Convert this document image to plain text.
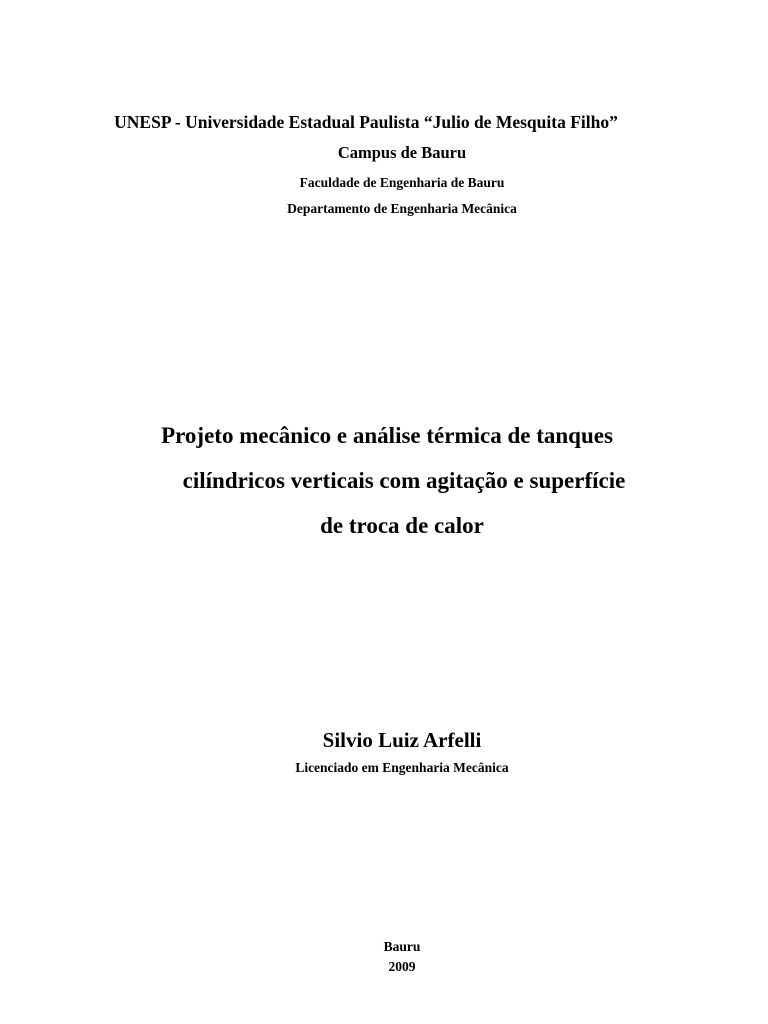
UNESP - Universidade Estadual Paulista “Julio de Mesquita Filho”

Campus de Bauru

Faculdade de Engenharia de Bauru

Departamento de Engenharia Mecânica

Projeto mecânico e análise térmica de tanques

cilíndricos verticais com agitação e superfície

de troca de calor

Silvio Luiz Arfelli

Licenciado em Engenharia Mecânica

Bauru

2009
